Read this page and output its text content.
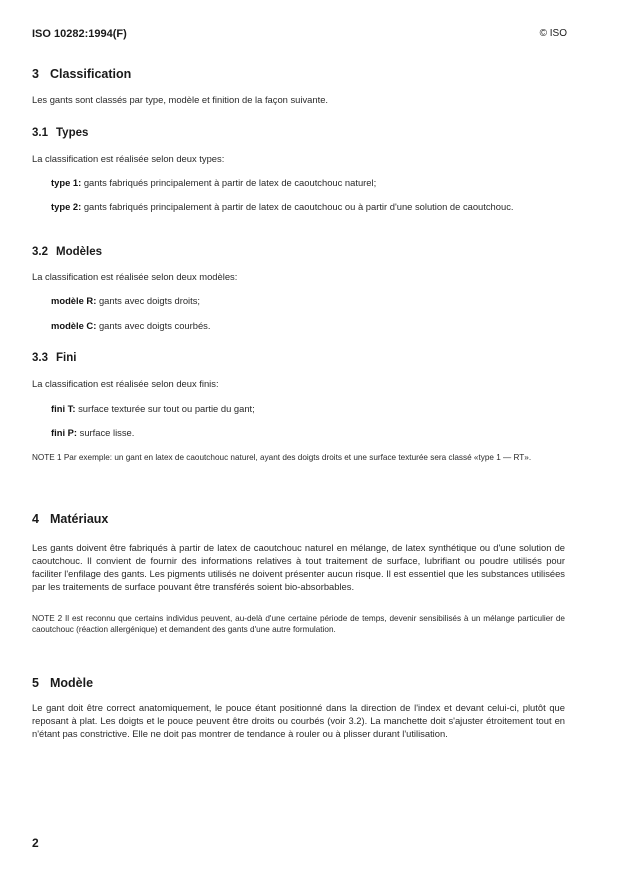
ISO 10282:1994(F)	© ISO
3 Classification
Les gants sont classés par type, modèle et finition de la façon suivante.
3.1 Types
La classification est réalisée selon deux types:
type 1: gants fabriqués principalement à partir de latex de caoutchouc naturel;
type 2: gants fabriqués principalement à partir de latex de caoutchouc ou à partir d'une solution de caoutchouc.
3.2 Modèles
La classification est réalisée selon deux modèles:
modèle R: gants avec doigts droits;
modèle C: gants avec doigts courbés.
3.3 Fini
La classification est réalisée selon deux finis:
fini T: surface texturée sur tout ou partie du gant;
fini P: surface lisse.
NOTE 1 Par exemple: un gant en latex de caoutchouc naturel, ayant des doigts droits et une surface texturée sera classé «type 1 — RT».
4 Matériaux
Les gants doivent être fabriqués à partir de latex de caoutchouc naturel en mélange, de latex synthétique ou d'une solution de caoutchouc. Il convient de fournir des informations relatives à tout traitement de surface, lubrifiant ou poudre utilisés pour faciliter l'enfilage des gants. Les pigments utilisés ne doivent présenter aucun risque. Il est essentiel que les substances utilisées par les traitements de surface pouvant être transférés soient bio-absorbables.
NOTE 2 Il est reconnu que certains individus peuvent, au-delà d'une certaine période de temps, devenir sensibilisés à un mélange particulier de caoutchouc (réaction allergénique) et demandent des gants d'une autre formulation.
5 Modèle
Le gant doit être correct anatomiquement, le pouce étant positionné dans la direction de l'index et devant celui-ci, plutôt que reposant à plat. Les doigts et le pouce peuvent être droits ou courbés (voir 3.2). La manchette doit s'ajuster étroitement tout en n'étant pas constrictive. Elle ne doit pas montrer de tendance à rouler ou à plisser durant l'utilisation.
2
